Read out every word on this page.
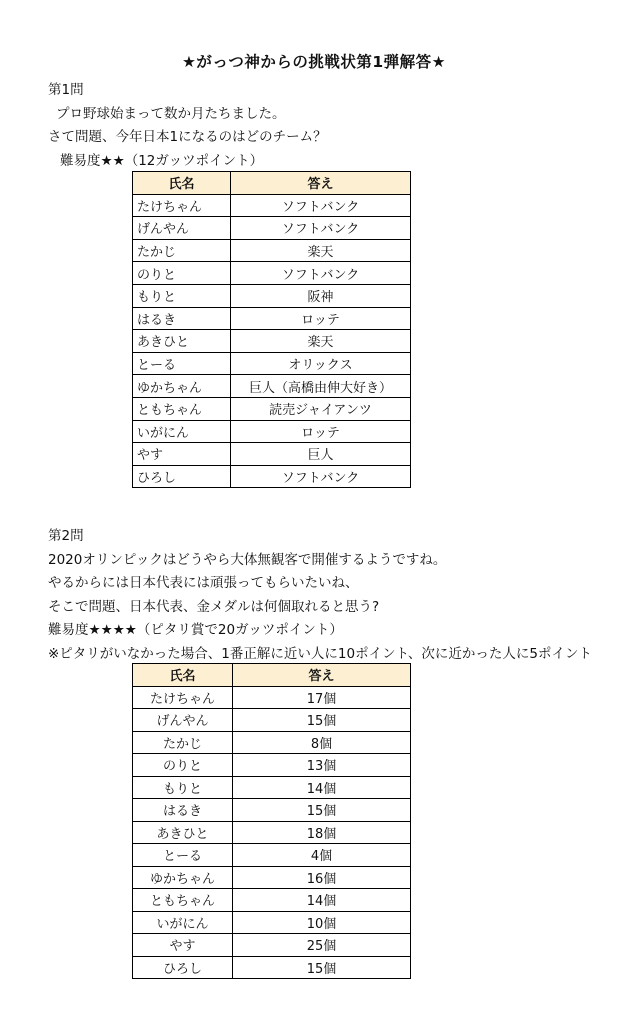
★がっつ神からの挑戦状第1弾解答★
第1問
プロ野球始まって数か月たちました。
さて問題、今年日本1になるのはどのチーム？
難易度★★（12ガッツポイント）
氏名	答え
たけちゃん	ソフトバンク
げんやん	ソフトバンク
たかじ	楽天
のりと	ソフトバンク
もりと	阪神
はるき	ロッテ
あきひと	楽天
とーる	オリックス
ゆかちゃん	巨人（高橋由伸大好き）
ともちゃん	読売ジャイアンツ
いがにん	ロッテ
やす	巨人
ひろし	ソフトバンク
第2問
2020オリンピックはどうやら大体無観客で開催するようですね。
やるからには日本代表には頑張ってもらいたいね、
そこで問題、日本代表、金メダルは何個取れると思う?
難易度★★★★（ピタリ賞で20ガッツポイント）
※ピタリがいなかった場合、1番正解に近い人に10ポイント、次に近かった人に5ポイント
氏名	答え
たけちゃん	17個
げんやん	15個
たかじ	8個
のりと	13個
もりと	14個
はるき	15個
あきひと	18個
とーる	4個
ゆかちゃん	16個
ともちゃん	14個
いがにん	10個
やす	25個
ひろし	15個
